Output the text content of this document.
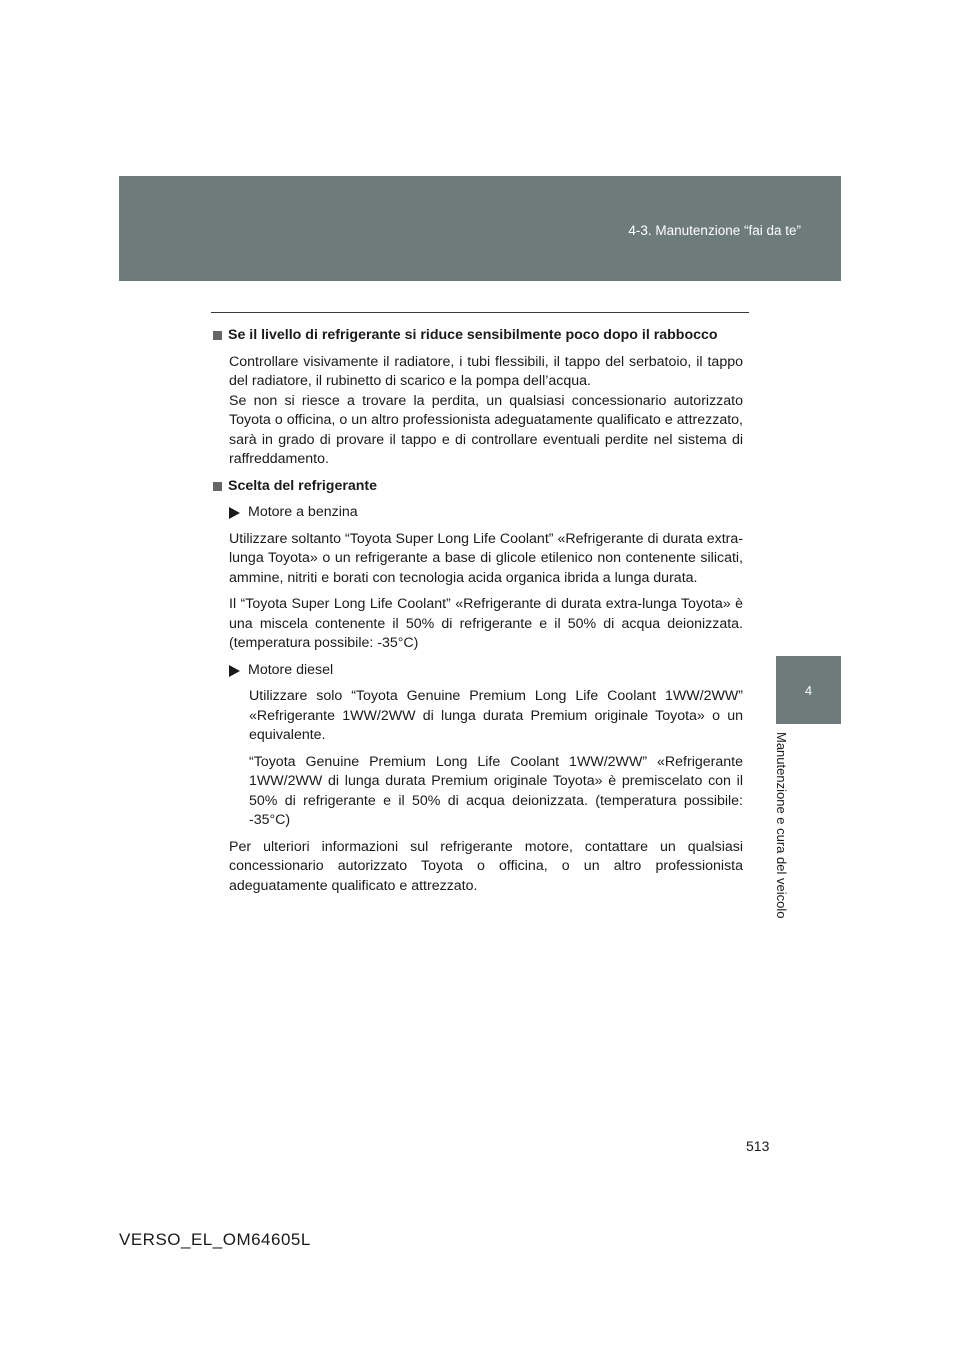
4-3. Manutenzione “fai da te”
4
Manutenzione e cura del veicolo

Se il livello di refrigerante si riduce sensibilmente poco dopo il rabbocco

Controllare visivamente il radiatore, i tubi flessibili, il tappo del serbatoio, il tappo del radiatore, il rubinetto di scarico e la pompa dell’acqua.

Se non si riesce a trovare la perdita, un qualsiasi concessionario autorizzato Toyota o officina, o un altro professionista adeguatamente qualificato e attrezzato, sarà in grado di provare il tappo e di controllare eventuali perdite nel sistema di raffreddamento.

Scelta del refrigerante

Motore a benzina

Utilizzare soltanto “Toyota Super Long Life Coolant” «Refrigerante di durata extra-lunga Toyota» o un refrigerante a base di glicole etilenico non contenente silicati, ammine, nitriti e borati con tecnologia acida organica ibrida a lunga durata.

Il “Toyota Super Long Life Coolant” «Refrigerante di durata extra-lunga Toyota» è una miscela contenente il 50% di refrigerante e il 50% di acqua deionizzata. (temperatura possibile: -35°C)

Motore diesel

Utilizzare solo “Toyota Genuine Premium Long Life Coolant 1WW/2WW” «Refrigerante 1WW/2WW di lunga durata Premium originale Toyota» o un equivalente.

“Toyota Genuine Premium Long Life Coolant 1WW/2WW” «Refrigerante 1WW/2WW di lunga durata Premium originale Toyota» è premiscelato con il 50% di refrigerante e il 50% di acqua deionizzata. (temperatura possibile: -35°C)

Per ulteriori informazioni sul refrigerante motore, contattare un qualsiasi concessionario autorizzato Toyota o officina, o un altro professionista adeguatamente qualificato e attrezzato.

513
VERSO_EL_OM64605L
